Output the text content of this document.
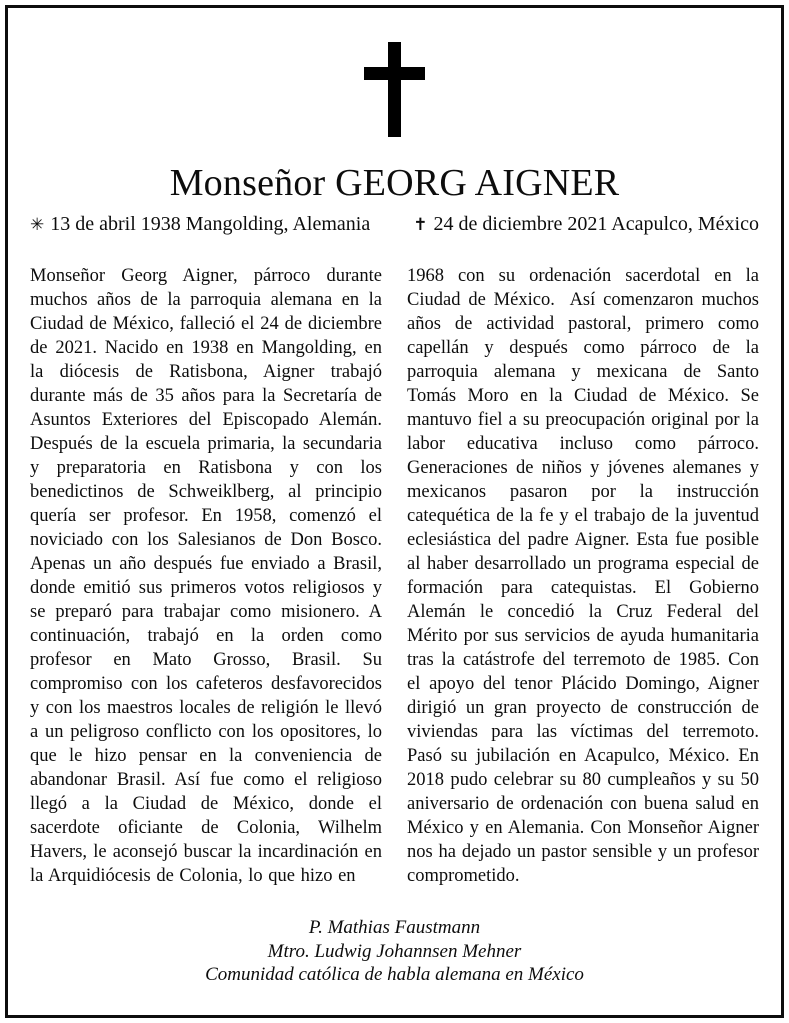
Monseñor GEORG AIGNER
✳ 13 de abril 1938 Mangolding, Alemania	✝ 24 de diciembre 2021 Acapulco, México
Monseñor Georg Aigner, párroco durante muchos años de la parroquia alemana en la Ciudad de México, falleció el 24 de diciembre de 2021. Nacido en 1938 en Mangolding, en la diócesis de Ratisbona, Aigner trabajó durante más de 35 años para la Secretaría de Asuntos Exteriores del Episcopado Alemán. Después de la escuela primaria, la secundaria y preparatoria en Ratisbona y con los benedictinos de Schweiklberg, al principio quería ser profesor. En 1958, comenzó el noviciado con los Salesianos de Don Bosco. Apenas un año después fue enviado a Brasil, donde emitió sus primeros votos religiosos y se preparó para trabajar como misionero. A continuación, trabajó en la orden como profesor en Mato Grosso, Brasil. Su compromiso con los cafeteros desfavorecidos y con los maestros locales de religión le llevó a un peligroso conflicto con los opositores, lo que le hizo pensar en la conveniencia de abandonar Brasil. Así fue como el religioso llegó a la Ciudad de México, donde el sacerdote oficiante de Colonia, Wilhelm Havers, le aconsejó buscar la incardinación en la Arquidiócesis de Colonia, lo que hizo en
1968 con su ordenación sacerdotal en la Ciudad de México.  Así comenzaron muchos años de actividad pastoral, primero como capellán y después como párroco de la parroquia alemana y mexicana de Santo Tomás Moro en la Ciudad de México. Se mantuvo fiel a su preocupación original por la labor educativa incluso como párroco. Generaciones de niños y jóvenes alemanes y mexicanos pasaron por la instrucción catequética de la fe y el trabajo de la juventud eclesiástica del padre Aigner. Esta fue posible al haber desarrollado un programa especial de formación para catequistas. El Gobierno Alemán le concedió la Cruz Federal del Mérito por sus servicios de ayuda humanitaria tras la catástrofe del terremoto de 1985. Con el apoyo del tenor Plácido Domingo, Aigner dirigió un gran proyecto de construcción de viviendas para las víctimas del terremoto. Pasó su jubilación en Acapulco, México. En 2018 pudo celebrar su 80 cumpleaños y su 50 aniversario de ordenación con buena salud en México y en Alemania. Con Monseñor Aigner nos ha dejado un pastor sensible y un profesor comprometido.
P. Mathias Faustmann
Mtro. Ludwig Johannsen Mehner
Comunidad católica de habla alemana en México
